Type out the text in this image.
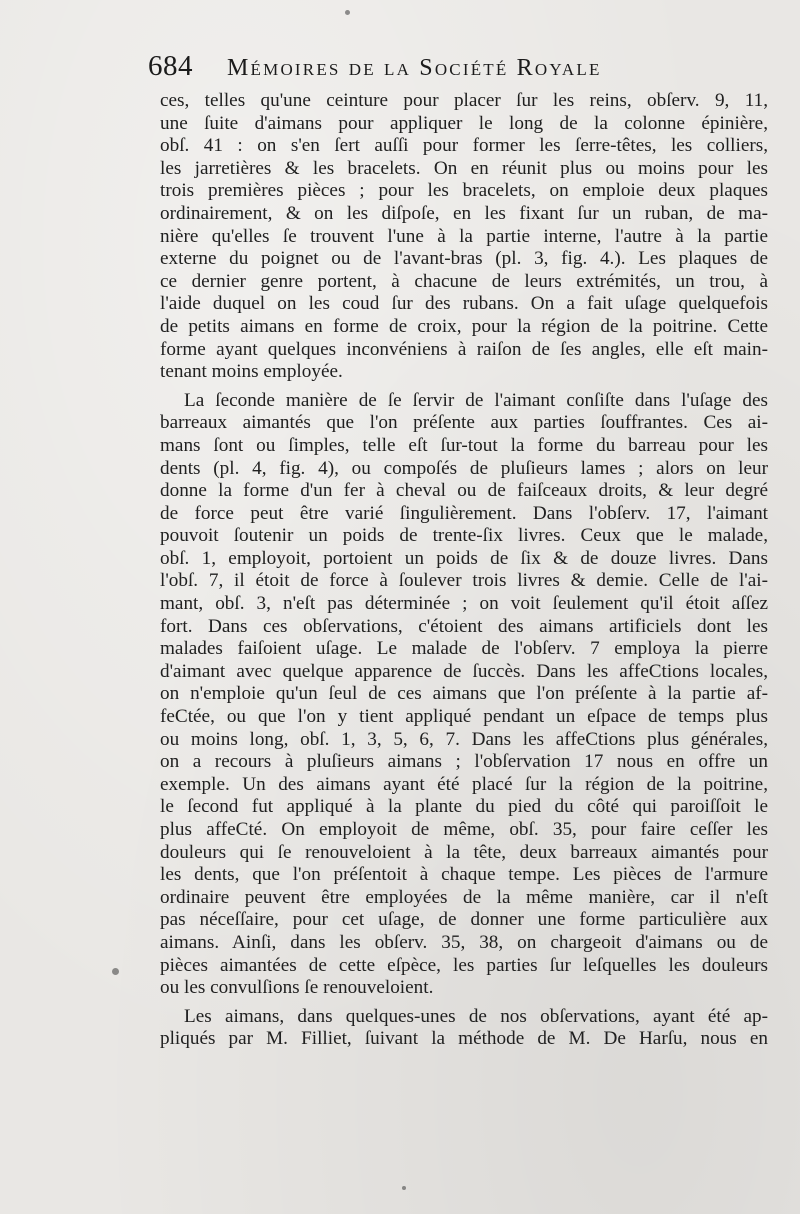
684 Mémoires de la Société Royale
ces, telles qu'une ceinture pour placer ſur les reins, obſerv. 9, 11,
une ſuite d'aimans pour appliquer le long de la colonne épinière,
obſ. 41 : on s'en ſert auſſi pour former les ſerre-têtes, les colliers,
les jarretières & les bracelets. On en réunit plus ou moins pour les
trois premières pièces ; pour les bracelets, on emploie deux plaques
ordinairement, & on les diſpoſe, en les fixant ſur un ruban, de ma-
nière qu'elles ſe trouvent l'une à la partie interne, l'autre à la partie
externe du poignet ou de l'avant-bras (pl. 3, fig. 4.). Les plaques de
ce dernier genre portent, à chacune de leurs extrémités, un trou, à
l'aide duquel on les coud ſur des rubans. On a fait uſage quelquefois
de petits aimans en forme de croix, pour la région de la poitrine. Cette
forme ayant quelques inconvéniens à raiſon de ſes angles, elle eſt main-
tenant moins employée.
La ſeconde manière de ſe ſervir de l'aimant conſiſte dans l'uſage des
barreaux aimantés que l'on préſente aux parties ſouffrantes. Ces ai-
mans ſont ou ſimples, telle eſt ſur-tout la forme du barreau pour les
dents (pl. 4, fig. 4), ou compoſés de pluſieurs lames ; alors on leur
donne la forme d'un fer à cheval ou de faiſceaux droits, & leur degré
de force peut être varié ſingulièrement. Dans l'obſerv. 17, l'aimant
pouvoit ſoutenir un poids de trente-ſix livres. Ceux que le malade,
obſ. 1, employoit, portoient un poids de ſix & de douze livres. Dans
l'obſ. 7, il étoit de force à ſoulever trois livres & demie. Celle de l'ai-
mant, obſ. 3, n'eſt pas déterminée ; on voit ſeulement qu'il étoit aſſez
fort. Dans ces obſervations, c'étoient des aimans artificiels dont les
malades faiſoient uſage. Le malade de l'obſerv. 7 employa la pierre
d'aimant avec quelque apparence de ſuccès. Dans les affeCtions locales,
on n'emploie qu'un ſeul de ces aimans que l'on préſente à la partie af-
feCtée, ou que l'on y tient appliqué pendant un eſpace de temps plus
ou moins long, obſ. 1, 3, 5, 6, 7. Dans les affeCtions plus générales,
on a recours à pluſieurs aimans ; l'obſervation 17 nous en offre un
exemple. Un des aimans ayant été placé ſur la région de la poitrine,
le ſecond fut appliqué à la plante du pied du côté qui paroiſſoit le
plus affeCté. On employoit de même, obſ. 35, pour faire ceſſer les
douleurs qui ſe renouveloient à la tête, deux barreaux aimantés pour
les dents, que l'on préſentoit à chaque tempe. Les pièces de l'armure
ordinaire peuvent être employées de la même manière, car il n'eſt
pas néceſſaire, pour cet uſage, de donner une forme particulière aux
aimans. Ainſi, dans les obſerv. 35, 38, on chargeoit d'aimans ou de
pièces aimantées de cette eſpèce, les parties ſur leſquelles les douleurs
ou les convulſions ſe renouveloient.
Les aimans, dans quelques-unes de nos obſervations, ayant été ap-
pliqués par M. Filliet, ſuivant la méthode de M. De Harſu, nous en
